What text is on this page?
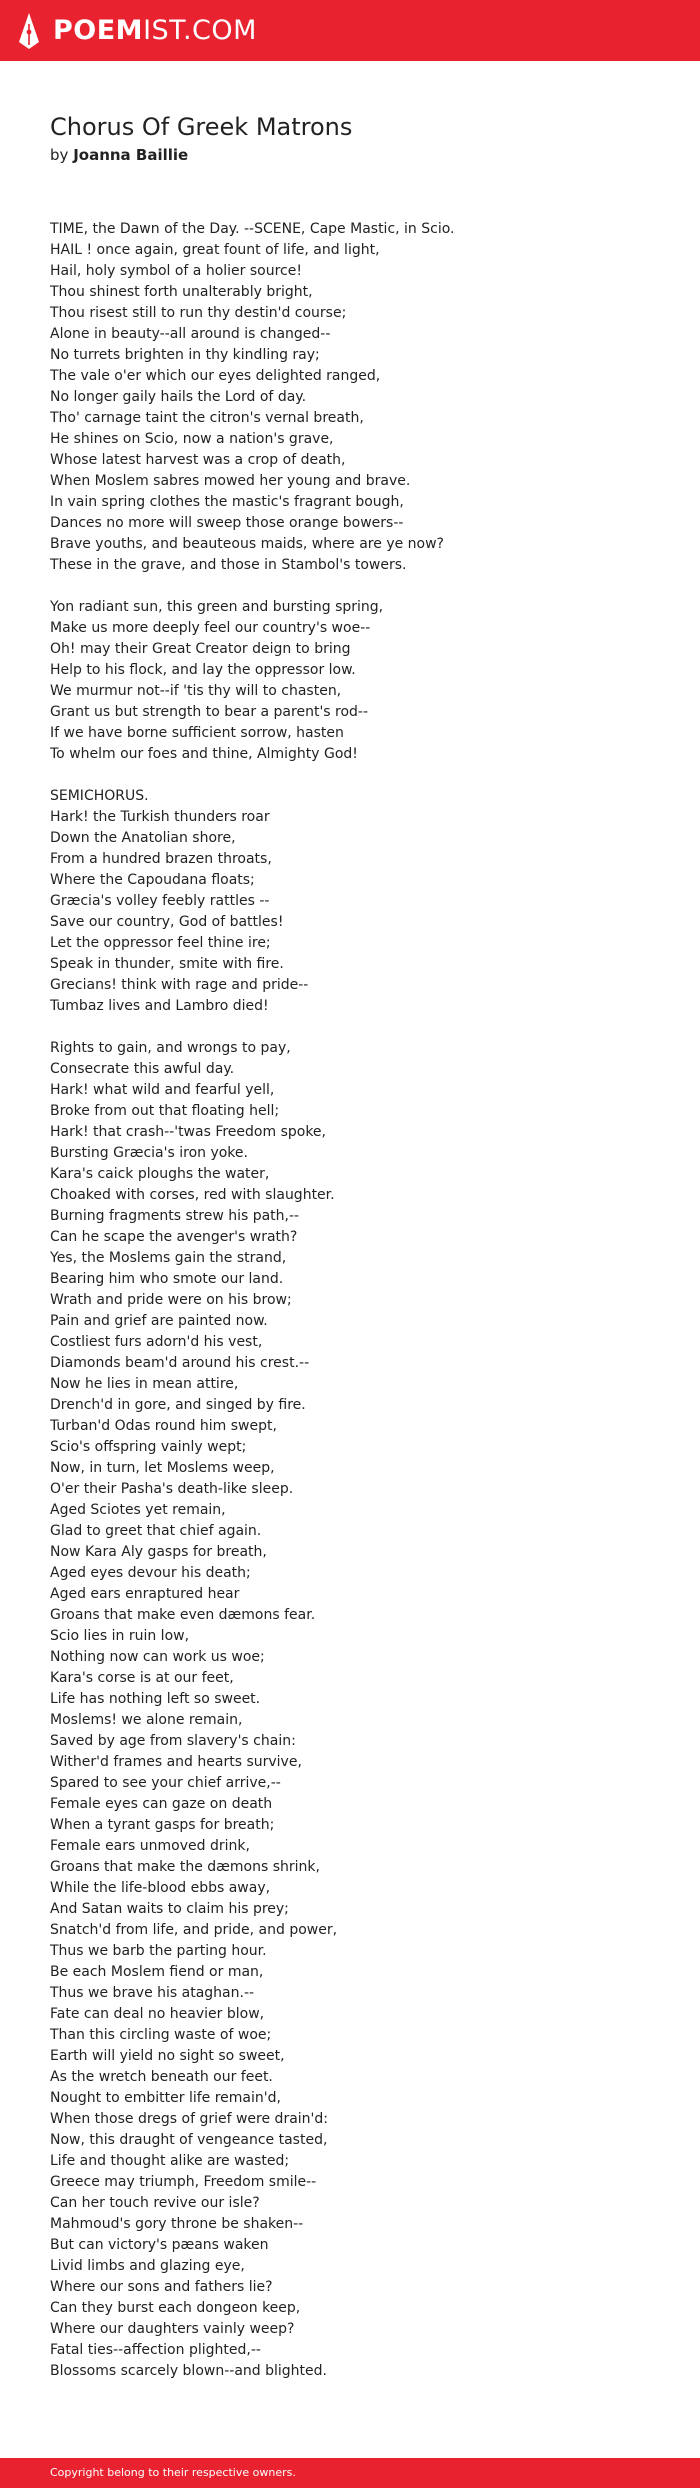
POEMIST.COM
Chorus Of Greek Matrons

by Joanna Baillie

TIME, the Dawn of the Day. --SCENE, Cape Mastic, in Scio.
HAIL ! once again, great fount of life, and light,
Hail, holy symbol of a holier source!
Thou shinest forth unalterably bright,
Thou risest still to run thy destin'd course;
Alone in beauty--all around is changed--
No turrets brighten in thy kindling ray;
The vale o'er which our eyes delighted ranged,
No longer gaily hails the Lord of day.
Tho' carnage taint the citron's vernal breath,
He shines on Scio, now a nation's grave,
Whose latest harvest was a crop of death,
When Moslem sabres mowed her young and brave.
In vain spring clothes the mastic's fragrant bough,
Dances no more will sweep those orange bowers--
Brave youths, and beauteous maids, where are ye now?
These in the grave, and those in Stambol's towers.
Yon radiant sun, this green and bursting spring,
Make us more deeply feel our country's woe--
Oh! may their Great Creator deign to bring
Help to his flock, and lay the oppressor low.
We murmur not--if 'tis thy will to chasten,
Grant us but strength to bear a parent's rod--
If we have borne sufficient sorrow, hasten
To whelm our foes and thine, Almighty God!
SEMICHORUS.
Hark! the Turkish thunders roar
Down the Anatolian shore,
From a hundred brazen throats,
Where the Capoudana floats;
Græcia's volley feebly rattles --
Save our country, God of battles!
Let the oppressor feel thine ire;
Speak in thunder, smite with fire.
Grecians! think with rage and pride--
Tumbaz lives and Lambro died!
Rights to gain, and wrongs to pay,
Consecrate this awful day.
Hark! what wild and fearful yell,
Broke from out that floating hell;
Hark! that crash--'twas Freedom spoke,
Bursting Græcia's iron yoke.
Kara's caick ploughs the water,
Choaked with corses, red with slaughter.
Burning fragments strew his path,--
Can he scape the avenger's wrath?
Yes, the Moslems gain the strand,
Bearing him who smote our land.
Wrath and pride were on his brow;
Pain and grief are painted now.
Costliest furs adorn'd his vest,
Diamonds beam'd around his crest.--
Now he lies in mean attire,
Drench'd in gore, and singed by fire.
Turban'd Odas round him swept,
Scio's offspring vainly wept;
Now, in turn, let Moslems weep,
O'er their Pasha's death-like sleep.
Aged Sciotes yet remain,
Glad to greet that chief again.
Now Kara Aly gasps for breath,
Aged eyes devour his death;
Aged ears enraptured hear
Groans that make even dæmons fear.
Scio lies in ruin low,
Nothing now can work us woe;
Kara's corse is at our feet,
Life has nothing left so sweet.
Moslems! we alone remain,
Saved by age from slavery's chain:
Wither'd frames and hearts survive,
Spared to see your chief arrive,--
Female eyes can gaze on death
When a tyrant gasps for breath;
Female ears unmoved drink,
Groans that make the dæmons shrink,
While the life-blood ebbs away,
And Satan waits to claim his prey;
Snatch'd from life, and pride, and power,
Thus we barb the parting hour.
Be each Moslem fiend or man,
Thus we brave his ataghan.--
Fate can deal no heavier blow,
Than this circling waste of woe;
Earth will yield no sight so sweet,
As the wretch beneath our feet.
Nought to embitter life remain'd,
When those dregs of grief were drain'd:
Now, this draught of vengeance tasted,
Life and thought alike are wasted;
Greece may triumph, Freedom smile--
Can her touch revive our isle?
Mahmoud's gory throne be shaken--
But can victory's pæans waken
Livid limbs and glazing eye,
Where our sons and fathers lie?
Can they burst each dongeon keep,
Where our daughters vainly weep?
Fatal ties--affection plighted,--
Blossoms scarcely blown--and blighted.
Copyright belong to their respective owners.
